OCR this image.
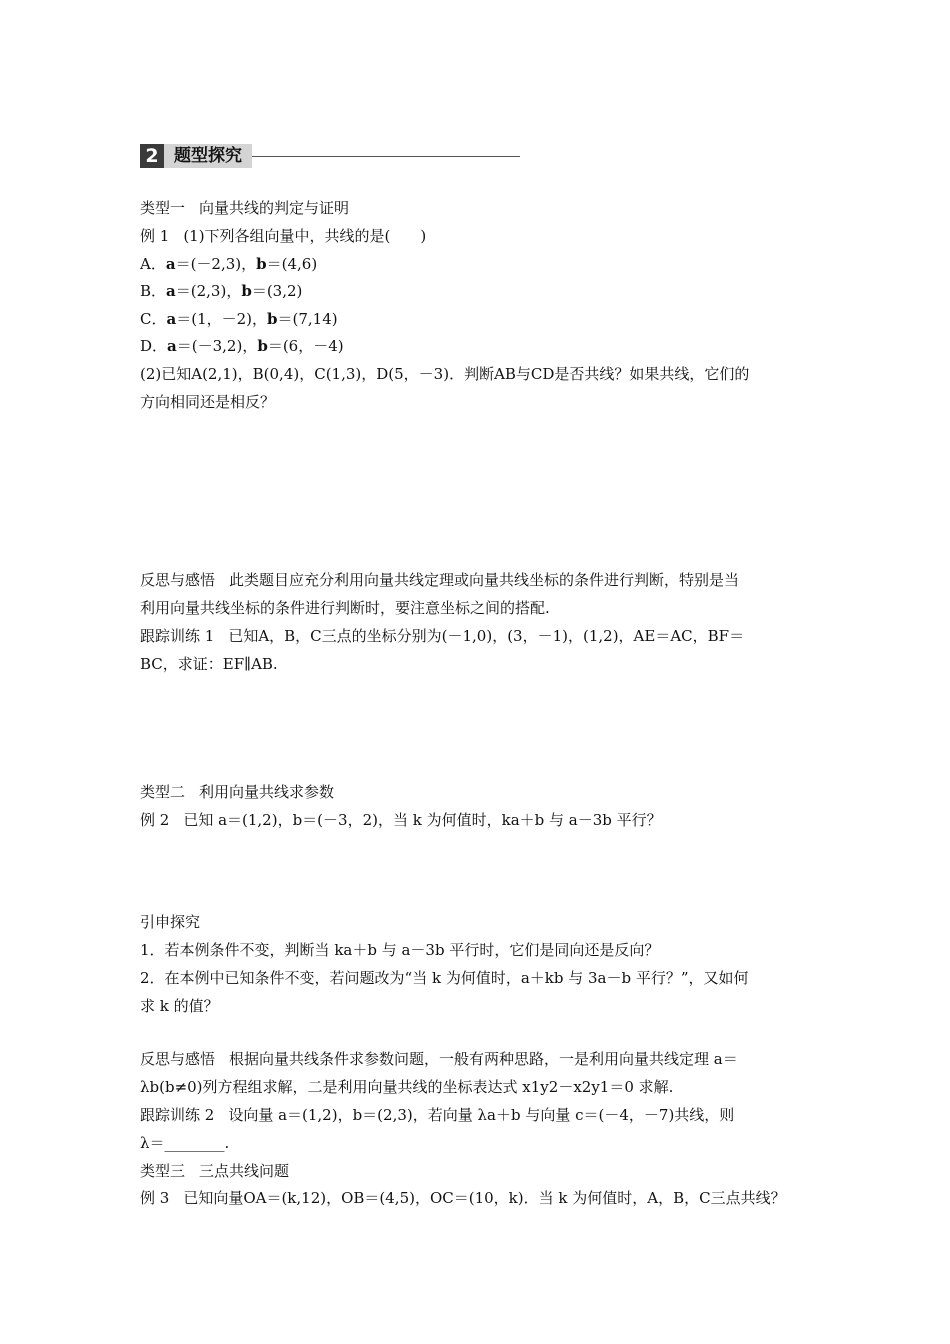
2 题型探究
类型一 向量共线的判定与证明
例 1 (1)下列各组向量中，共线的是(　　)
A．a＝(－2,3)，b＝(4,6)
B．a＝(2,3)，b＝(3,2)
C．a＝(1，－2)，b＝(7,14)
D．a＝(－3,2)，b＝(6，－4)
(2)已知A(2,1)，B(0,4)，C(1,3)，D(5，－3)．判断AB与CD是否共线？如果共线，它们的
方向相同还是相反？
反思与感悟 此类题目应充分利用向量共线定理或向量共线坐标的条件进行判断，特别是当
利用向量共线坐标的条件进行判断时，要注意坐标之间的搭配.
跟踪训练 1 已知A，B，C三点的坐标分别为(－1,0)，(3，－1)，(1,2)，AE＝AC，BF＝
BC，求证：EF∥AB.
类型二 利用向量共线求参数
例 2 已知 a＝(1,2)，b＝(－3，2)，当 k 为何值时，ka＋b 与 a－3b 平行？
引申探究
1．若本例条件不变，判断当 ka＋b 与 a－3b 平行时，它们是同向还是反向？
2．在本例中已知条件不变，若问题改为“当 k 为何值时，a＋kb 与 3a－b 平行？”，又如何
求 k 的值？
反思与感悟 根据向量共线条件求参数问题，一般有两种思路，一是利用向量共线定理 a＝
λb(b≠0)列方程组求解，二是利用向量共线的坐标表达式 x1y2－x2y1＝0 求解.
跟踪训练 2 设向量 a＝(1,2)，b＝(2,3)，若向量 λa＋b 与向量 c＝(－4，－7)共线，则
λ＝________.
类型三 三点共线问题
例 3 已知向量OA＝(k,12)，OB＝(4,5)，OC＝(10，k)．当 k 为何值时，A，B，C三点共线？
